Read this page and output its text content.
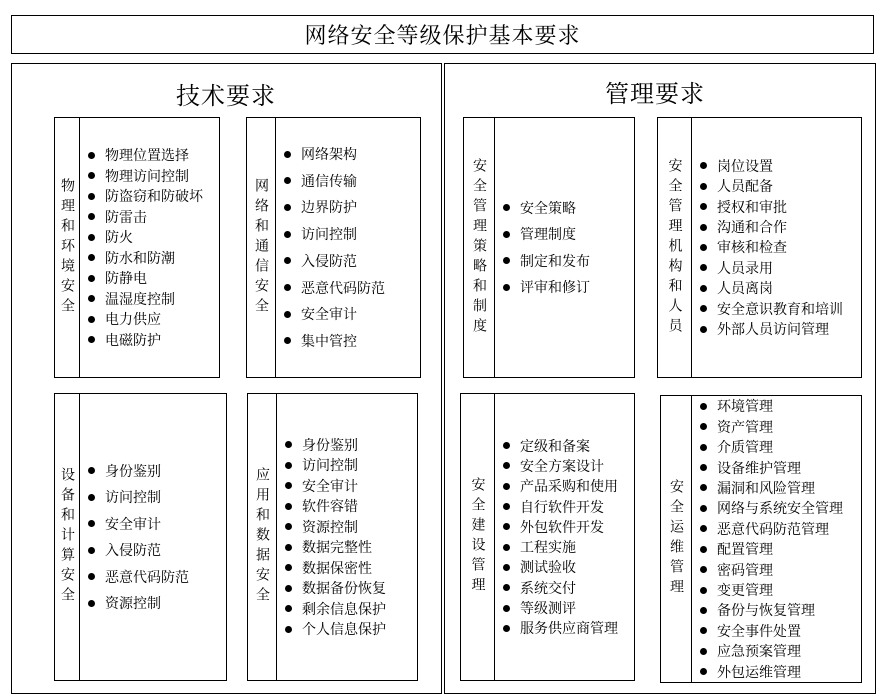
网络安全等级保护基本要求
技术要求	管理要求
物理和环境安全
物理位置选择
物理访问控制
防盗窃和防破坏
防雷击
防火
防水和防潮
防静电
温湿度控制
电力供应
电磁防护
网络和通信安全
网络架构
通信传输
边界防护
访问控制
入侵防范
恶意代码防范
安全审计
集中管控
设备和计算安全 身份鉴别
访问控制
安全审计
入侵防范
恶意代码防范
资源控制	应用和数据安全
身份鉴别
访问控制
安全审计
软件容错
资源控制
数据完整性
数据保密性
数据备份恢复
剩余信息保护
个人信息保护
安全管理策略和制度 安全策略
管理制度
制定和发布
评审和修订	安全管理机构和人员 岗位设置
人员配备
授权和审批
沟通和合作
审核和检查
人员录用
人员离岗
安全意识教育和培训
外部人员访问管理
安全建设管理
定级和备案
安全方案设计
产品采购和使用
自行软件开发
外包软件开发
工程实施
测试验收
系统交付
等级测评
服务供应商管理
安全运维管理
环境管理
资产管理
介质管理
设备维护管理
漏洞和风险管理
网络与系统安全管理
恶意代码防范管理
配置管理
密码管理
变更管理
备份与恢复管理
安全事件处置
应急预案管理
外包运维管理
